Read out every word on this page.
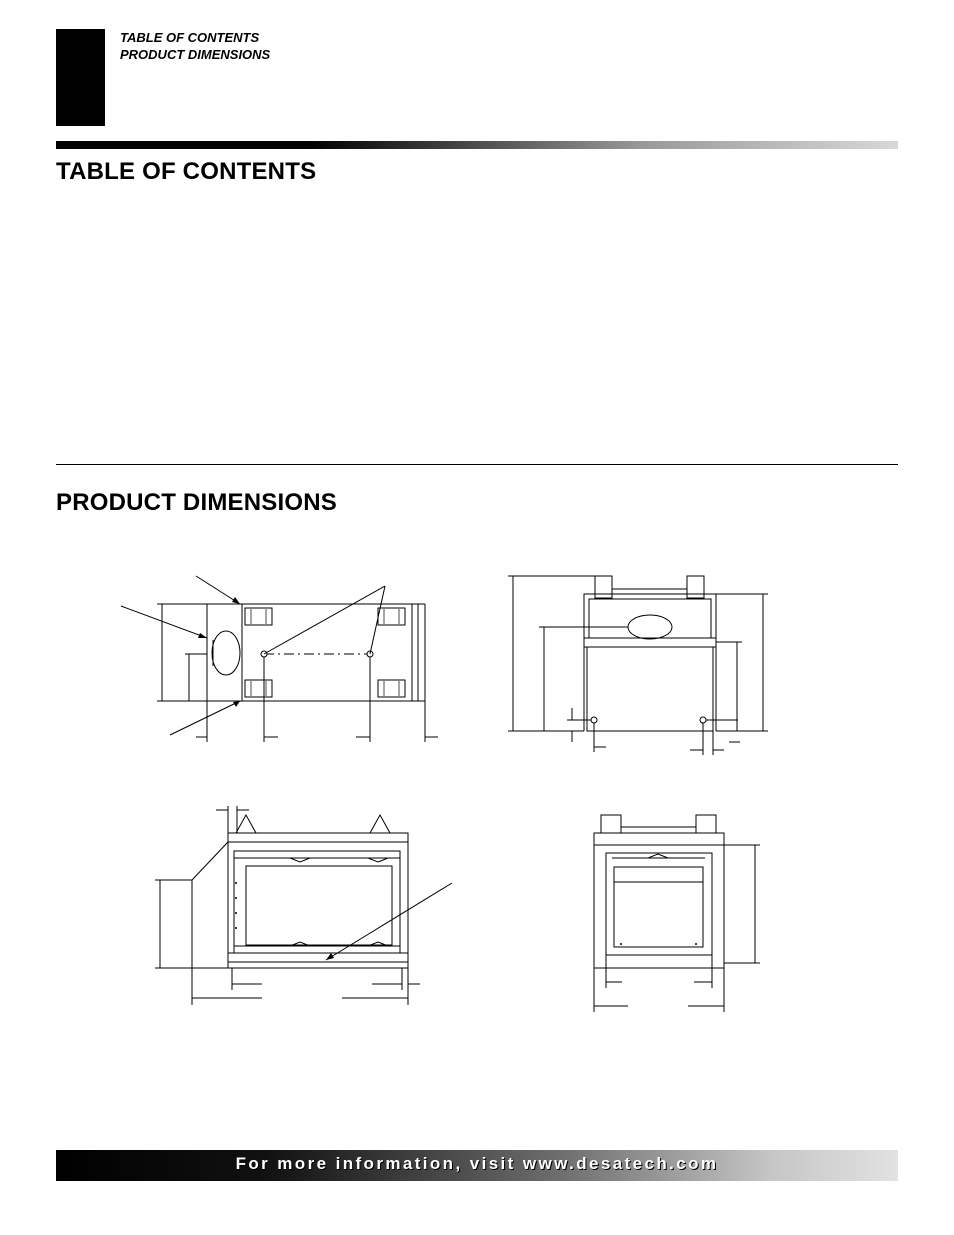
TABLE OF CONTENTS
PRODUCT DIMENSIONS
TABLE OF CONTENTS
PRODUCT DIMENSIONS
For more information, visit www.desatech.com
